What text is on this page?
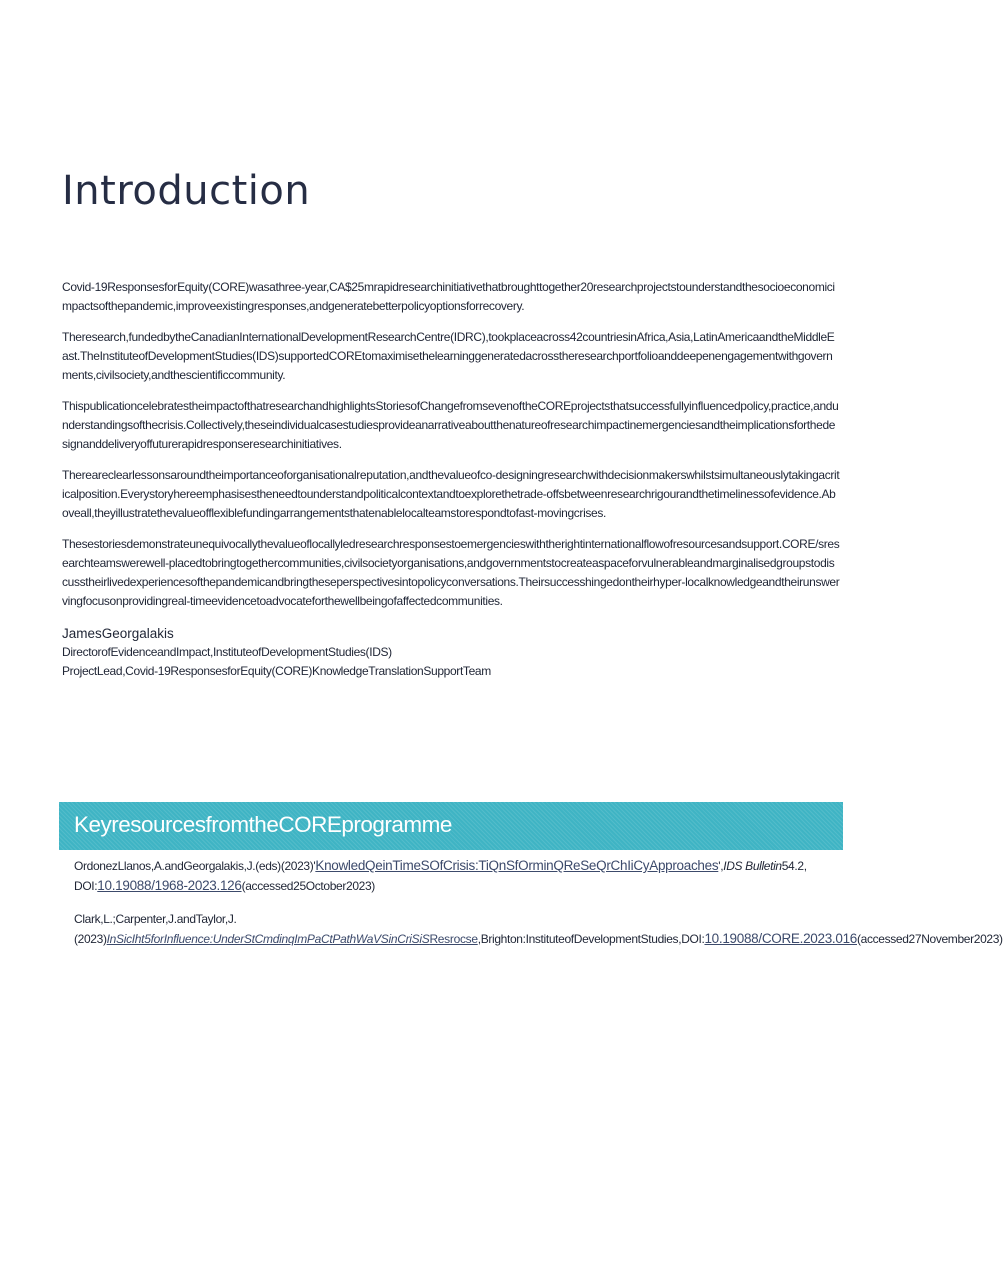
Introduction

Covid-19ResponsesforEquity(CORE)wasathree-year,CA$25mrapidresearchinitiativethatbroughttogether20researchprojectstounderstandthesocioeconomicimpactsofthepandemic,improveexistingresponses,andgeneratebetterpolicyoptionsforrecovery.

Theresearch,fundedbytheCanadianInternationalDevelopmentResearchCentre(IDRC),tookplaceacross42countriesinAfrica,Asia,LatinAmericaandtheMiddleEast.TheInstituteofDevelopmentStudies(IDS)supportedCOREtomaximisethelearninggeneratedacrosstheresearchportfolioanddeepenengagementwithgovernments,civilsociety,andthescientificcommunity.

ThispublicationcelebratestheimpactofthatresearchandhighlightsStoriesofChangefromsevenoftheCOREprojectsthatsuccessfullyinfluencedpolicy,practice,andunderstandingsofthecrisis.Collectively,theseindividualcasestudiesprovideanarrativeaboutthenatureofresearchimpactinemergenciesandtheimplicationsforthedesignanddeliveryoffuturerapidresponseresearchinitiatives.

Therearecl​earlessonsaroundtheimportanceoforganisationalreputation,andthevalueofco-designingresearchwithdecisionmakerswhilstsimultaneouslytakingacriticalposition.Everystoryhereemphasisestheneedtounderstandpoliticalcontextandtoexplorethetrade-offsbetweenresearchrigourandthetimelinessofevidence.Aboveall,theyillustratethevalueofflexiblefundingarrangementsthatenablelocalteamstorespondtofast-movingcrises.

Thesestoriesdemonstrateunequivocallythevalueoflocallyledresearchresponsestoemergencieswiththerightinternationalflowofresourcesandsupport.CORE/sresearchteamswerewell-placedtobringtogethercommunities,civilsocietyorganisations,andgovernmentstocreateaspaceforvulnerableandmarginalisedgroupstodiscusstheirlivedexperiencesofthepandemicandbringtheseperspectivesintopolicyconversations.Theirsuccesshingedontheirhyper-localknowledgeandtheirunswervingfocusonprovidingreal-timeevidencetoadvocateforthewellbeingofaffectedcommunities.

JamesGeorgalakis
DirectorofEvidenceandImpact,InstituteofDevelopmentStudies(IDS)
ProjectLead,Covid-19ResponsesforEquity(CORE)KnowledgeTranslationSupportTeam
KeyresourcesfromtheCOREprogramme

OrdonezLlanos,A.andGeorgalakis,J.(eds)(2023)'KnowledQeinTimeSOfCrisis:TiQnSfOrminQReSeQrChIiCyApproaches',IDS Bulletin54.2,
DOI:10.19088/1968-2023.126(accessed25October2023)

Clark,L.;Carpenter,J.andTaylor,J.(2023)InSicIht5forInfluence:UnderStCmdinqImPaCtPathWaVSinCriSiSResrocse,Brighton:InstituteofDevelopmentStudies,DOI:10.19088/CORE.2023.016(accessed27November2023)
